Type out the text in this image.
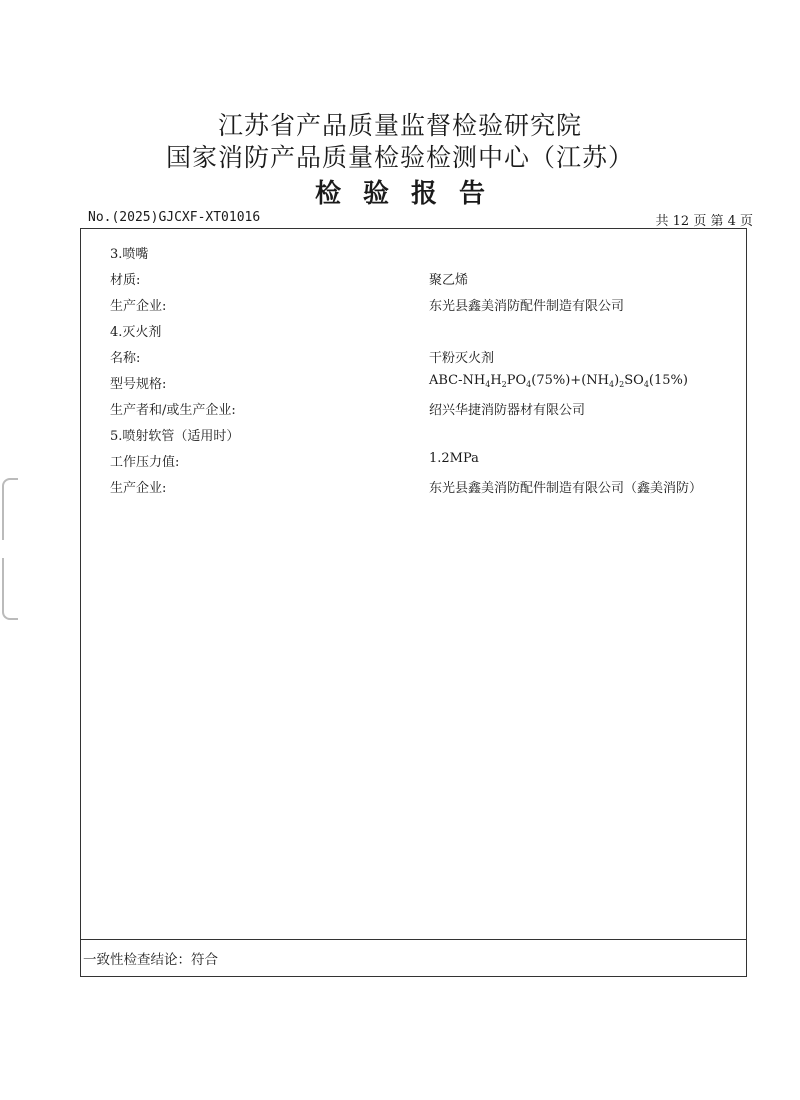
江苏省产品质量监督检验研究院
国家消防产品质量检验检测中心（江苏）
检验报告
No.(2025)GJCXF-XT01016	共 12 页 第 4 页
3.喷嘴
材质:	聚乙烯
生产企业:	东光县鑫美消防配件制造有限公司
4.灭火剂
名称:	干粉灭火剂
型号规格:	ABC-$NH_4H_2PO_4(75\%)+(NH_4)_2SO_4(15\%)$
生产者和/或生产企业:	绍兴华捷消防器材有限公司
5.喷射软管（适用时）
工作压力值:	1.2MPa
生产企业:	东光县鑫美消防配件制造有限公司（鑫美消防）
一致性检查结论：符合
